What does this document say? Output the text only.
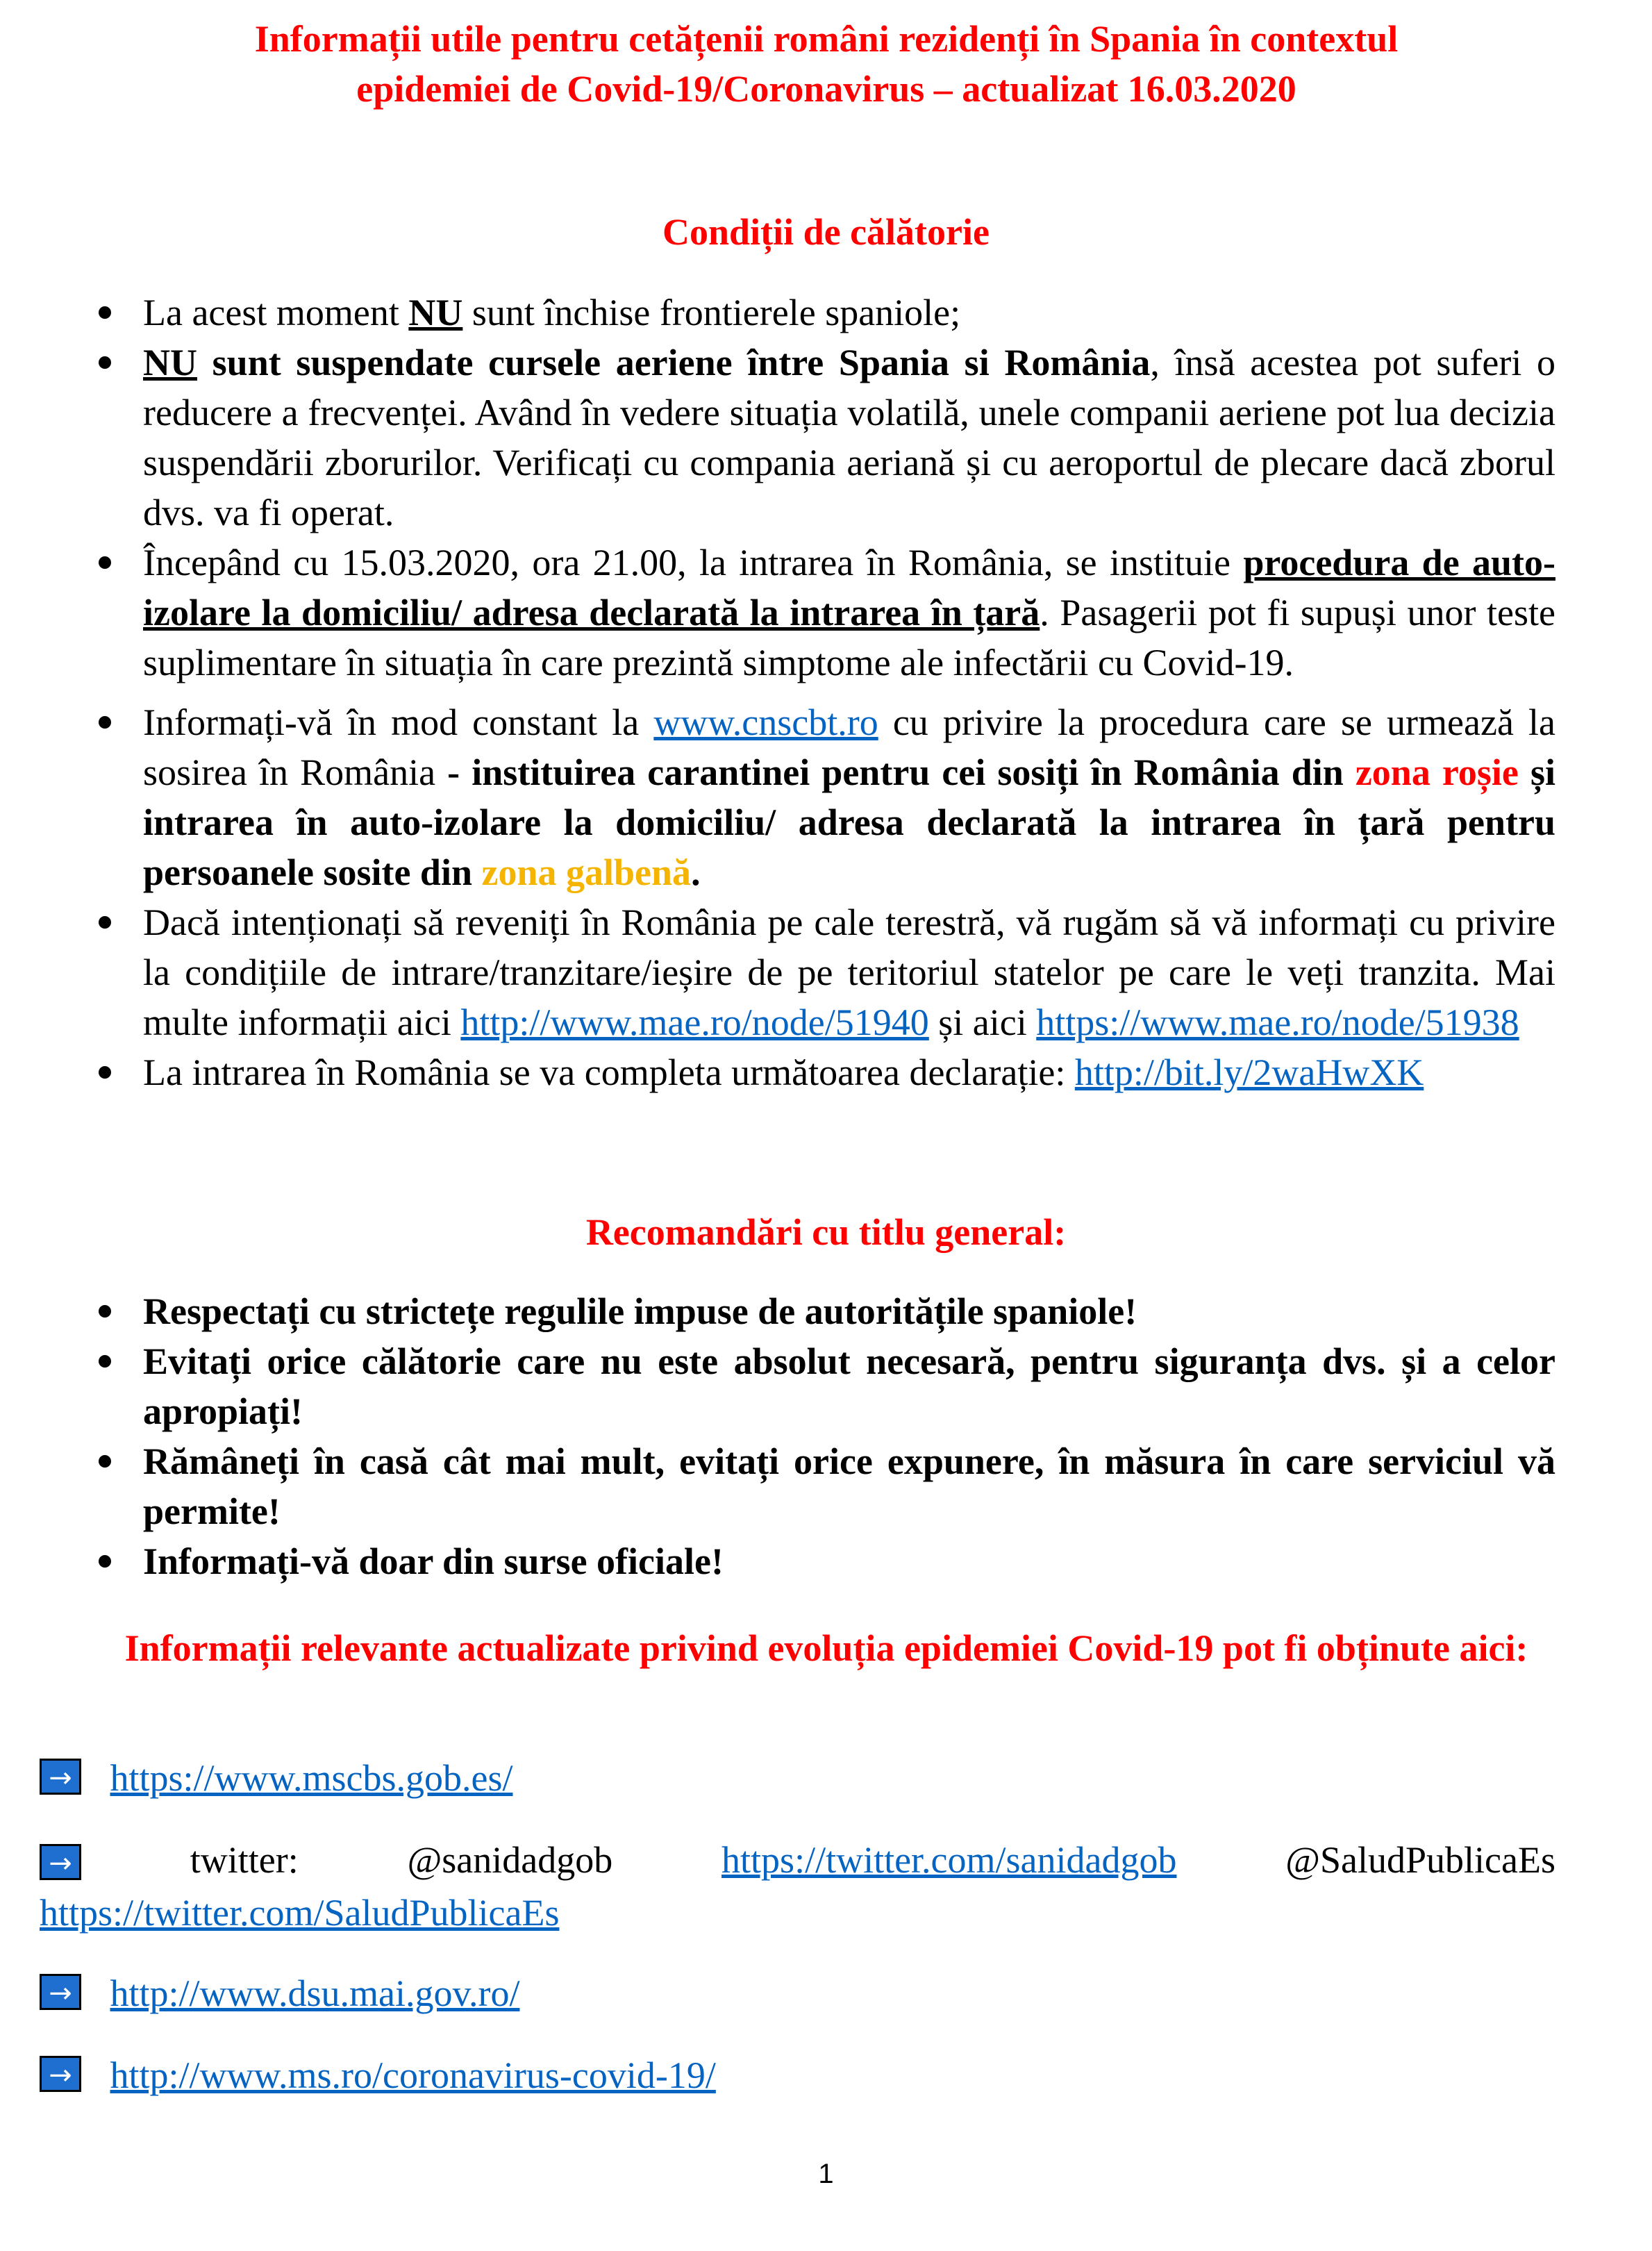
Informații utile pentru cetățenii români rezidenți în Spania în contextul
epidemiei de Covid-19/Coronavirus – actualizat 16.03.2020

Condiții de călătorie

La acest moment NU sunt închise frontierele spaniole;
NU sunt suspendate cursele aeriene între Spania si România, însă acestea pot suferi o reducere a frecvenței. Având în vedere situația volatilă, unele companii aeriene pot lua decizia suspendării zborurilor. Verificați cu compania aeriană și cu aeroportul de plecare dacă zborul dvs. va fi operat.
Începând cu 15.03.2020, ora 21.00, la intrarea în România, se instituie procedura de auto-izolare la domiciliu/ adresa declarată la intrarea în țară. Pasagerii pot fi supuși unor teste suplimentare în situația în care prezintă simptome ale infectării cu Covid-19.
Informați-vă în mod constant la www.cnscbt.ro cu privire la procedura care se urmează la sosirea în România - instituirea carantinei pentru cei sosiți în România din zona roșie și intrarea în auto-izolare la domiciliu/ adresa declarată la intrarea în țară pentru persoanele sosite din zona galbenă.
Dacă intenționați să reveniți în România pe cale terestră, vă rugăm să vă informați cu privire la condițiile de intrare/tranzitare/ieșire de pe teritoriul statelor pe care le veți tranzita. Mai multe informații aici http://www.mae.ro/node/51940 și aici https://www.mae.ro/node/51938
La intrarea în România se va completa următoarea declarație: http://bit.ly/2waHwXK

Recomandări cu titlu general:

Respectați cu strictețe regulile impuse de autoritățile spaniole!
Evitați orice călătorie care nu este absolut necesară, pentru siguranța dvs. și a celor apropiați!
Rămâneți în casă cât mai mult, evitați orice expunere, în măsura în care serviciul vă permite!
Informați-vă doar din surse oficiale!

Informații relevante actualizate privind evoluția epidemiei Covid-19 pot fi obținute aici:

→ https://www.mscbs.gob.es/
→	twitter:	@sanidadgob	https://twitter.com/sanidadgob	@SaludPublicaEs
https://twitter.com/SaludPublicaEs
→ http://www.dsu.mai.gov.ro/
→ http://www.ms.ro/coronavirus-covid-19/
1
